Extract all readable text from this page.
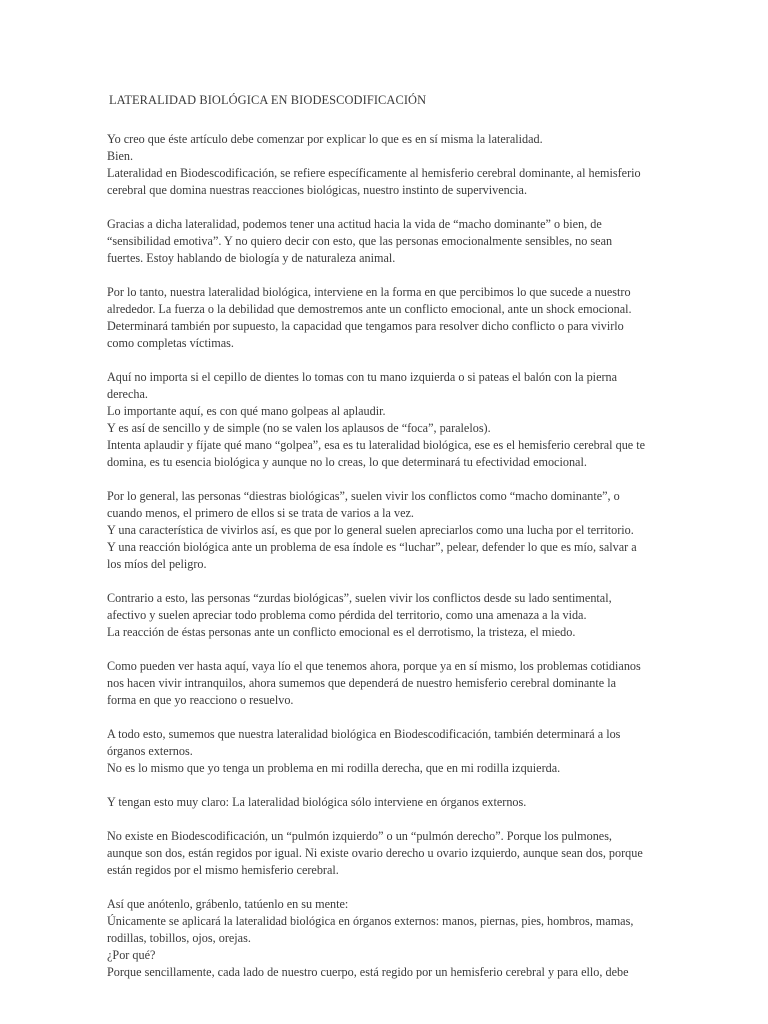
LATERALIDAD BIOLÓGICA EN BIODESCODIFICACIÓN
Yo creo que éste artículo debe comenzar por explicar lo que es en sí misma la lateralidad.
Bien.
Lateralidad en Biodescodificación, se refiere específicamente al hemisferio cerebral dominante, al hemisferio
cerebral que domina nuestras reacciones biológicas, nuestro instinto de supervivencia.
Gracias a dicha lateralidad, podemos tener una actitud hacia la vida de “macho dominante” o bien, de
“sensibilidad emotiva”. Y no quiero decir con esto, que las personas emocionalmente sensibles, no sean
fuertes. Estoy hablando de biología y de naturaleza animal.
Por lo tanto, nuestra lateralidad biológica, interviene en la forma en que percibimos lo que sucede a nuestro
alrededor. La fuerza o la debilidad que demostremos ante un conflicto emocional, ante un shock emocional.
Determinará también por supuesto, la capacidad que tengamos para resolver dicho conflicto o para vivirlo
como completas víctimas.
Aquí no importa si el cepillo de dientes lo tomas con tu mano izquierda o si pateas el balón con la pierna
derecha.
Lo importante aquí, es con qué mano golpeas al aplaudir.
Y es así de sencillo y de simple (no se valen los aplausos de “foca”, paralelos).
Intenta aplaudir y fíjate qué mano “golpea”, esa es tu lateralidad biológica, ese es el hemisferio cerebral que te
domina, es tu esencia biológica y aunque no lo creas, lo que determinará tu efectividad emocional.
Por lo general, las personas “diestras biológicas”, suelen vivir los conflictos como “macho dominante”, o
cuando menos, el primero de ellos si se trata de varios a la vez.
Y una característica de vivirlos así, es que por lo general suelen apreciarlos como una lucha por el territorio.
Y una reacción biológica ante un problema de esa índole es “luchar”, pelear, defender lo que es mío, salvar a
los míos del peligro.
Contrario a esto, las personas “zurdas biológicas”, suelen vivir los conflictos desde su lado sentimental,
afectivo y suelen apreciar todo problema como pérdida del territorio, como una amenaza a la vida.
La reacción de éstas personas ante un conflicto emocional es el derrotismo, la tristeza, el miedo.
Como pueden ver hasta aquí, vaya lío el que tenemos ahora, porque ya en sí mismo, los problemas cotidianos
nos hacen vivir intranquilos, ahora sumemos que dependerá de nuestro hemisferio cerebral dominante la
forma en que yo reacciono o resuelvo.
A todo esto, sumemos que nuestra lateralidad biológica en Biodescodificación, también determinará a los
órganos externos.
No es lo mismo que yo tenga un problema en mi rodilla derecha, que en mi rodilla izquierda.
Y tengan esto muy claro: La lateralidad biológica sólo interviene en órganos externos.
No existe en Biodescodificación, un “pulmón izquierdo” o un “pulmón derecho”. Porque los pulmones,
aunque son dos, están regidos por igual. Ni existe ovario derecho u ovario izquierdo, aunque sean dos, porque
están regidos por el mismo hemisferio cerebral.
Así que anótenlo, grábenlo, tatúenlo en su mente:
Únicamente se aplicará la lateralidad biológica en órganos externos: manos, piernas, pies, hombros, mamas,
rodillas, tobillos, ojos, orejas.
¿Por qué?
Porque sencillamente, cada lado de nuestro cuerpo, está regido por un hemisferio cerebral y para ello, debe
